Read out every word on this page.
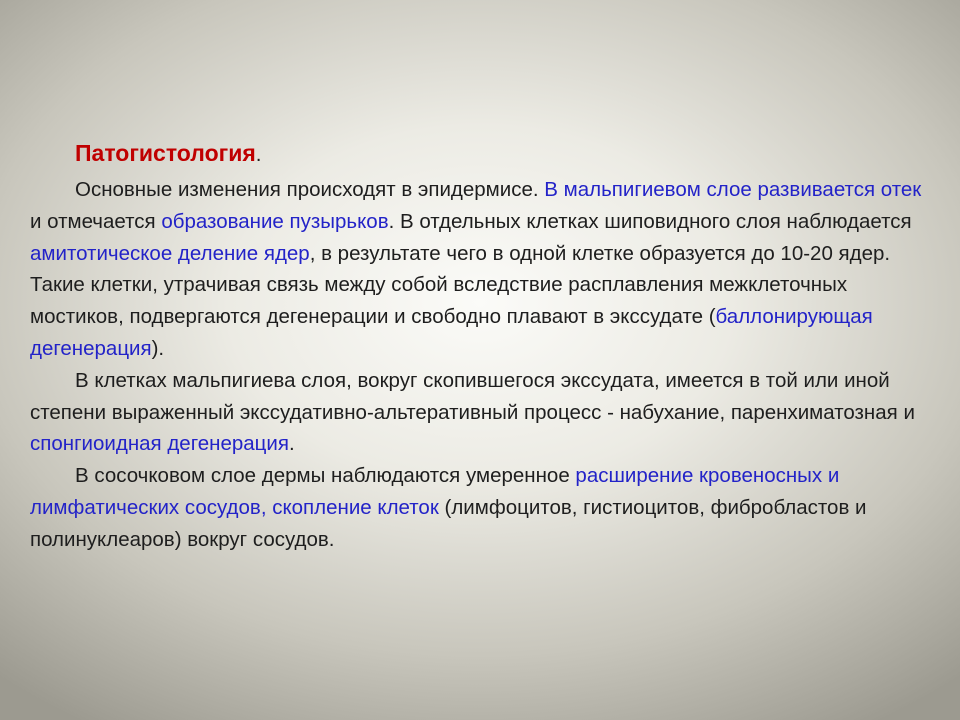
Патогистология.

Основные изменения происходят в эпидермисе. В мальпигиевом слое развивается отек и отмечается образование пузырьков. В отдельных клетках шиповидного слоя наблюдается амитотическое деление ядер, в результате чего в одной клетке образуется до 10-20 ядер. Такие клетки, утрачивая связь между собой вследствие расплавления межклеточных мостиков, подвергаются дегенерации и свободно плавают в экссудате (баллонирующая дегенерация).

В клетках мальпигиева слоя, вокруг скопившегося экссудата, имеется в той или иной степени выраженный экссудативно-альтеративный процесс - набухание, паренхиматозная и спонгиоидная дегенерация.

В сосочковом слое дермы наблюдаются умеренное расширение кровеносных и лимфатических сосудов, скопление клеток (лимфоцитов, гистиоцитов, фибробластов и полинуклеаров) вокруг сосудов.
